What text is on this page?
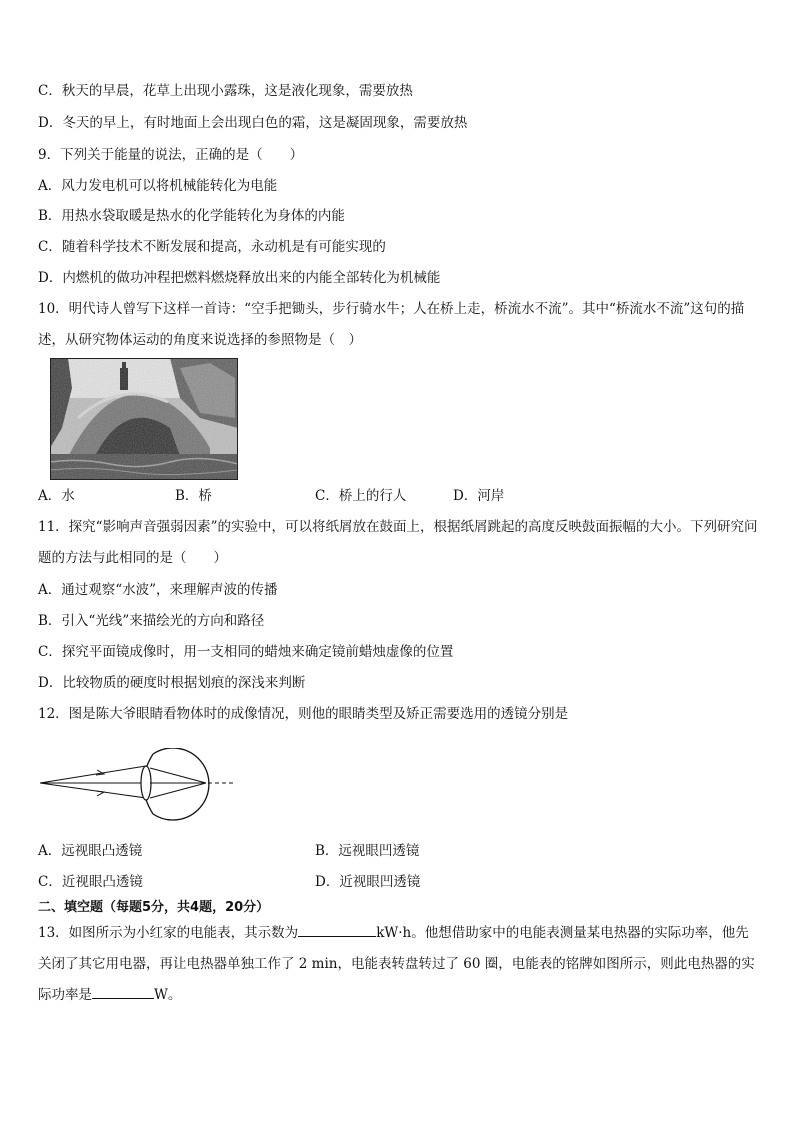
C．秋天的早晨，花草上出现小露珠，这是液化现象，需要放热
D．冬天的早上，有时地面上会出现白色的霜，这是凝固现象，需要放热
9．下列关于能量的说法，正确的是（　　）
A．风力发电机可以将机械能转化为电能
B．用热水袋取暖是热水的化学能转化为身体的内能
C．随着科学技术不断发展和提高，永动机是有可能实现的
D．内燃机的做功冲程把燃料燃烧释放出来的内能全部转化为机械能
10．明代诗人曾写下这样一首诗：“空手把锄头，步行骑水牛；人在桥上走，桥流水不流”。其中“桥流水不流”这句的描述，从研究物体运动的角度来说选择的参照物是（　）
A．水	B．桥	C．桥上的行人	D．河岸
11．探究“影响声音强弱因素”的实验中，可以将纸屑放在鼓面上，根据纸屑跳起的高度反映鼓面振幅的大小。下列研究问题的方法与此相同的是（　　）
A．通过观察“水波”，来理解声波的传播
B．引入“光线”来描绘光的方向和路径
C．探究平面镜成像时，用一支相同的蜡烛来确定镜前蜡烛虚像的位置
D．比较物质的硬度时根据划痕的深浅来判断
12．图是陈大爷眼睛看物体时的成像情况，则他的眼睛类型及矫正需要选用的透镜分别是
A．远视眼凸透镜	B．远视眼凹透镜
C．近视眼凸透镜	D．近视眼凹透镜
二、填空题（每题5分，共4题，20分）
13．如图所示为小红家的电能表，其示数为	kW·h。他想借助家中的电能表测量某电热器的实际功率，他先关闭了其它用电器，再让电热器单独工作了 2 min，电能表转盘转过了 60 圈，电能表的铭牌如图所示，则此电热器的实际功率是	W。
